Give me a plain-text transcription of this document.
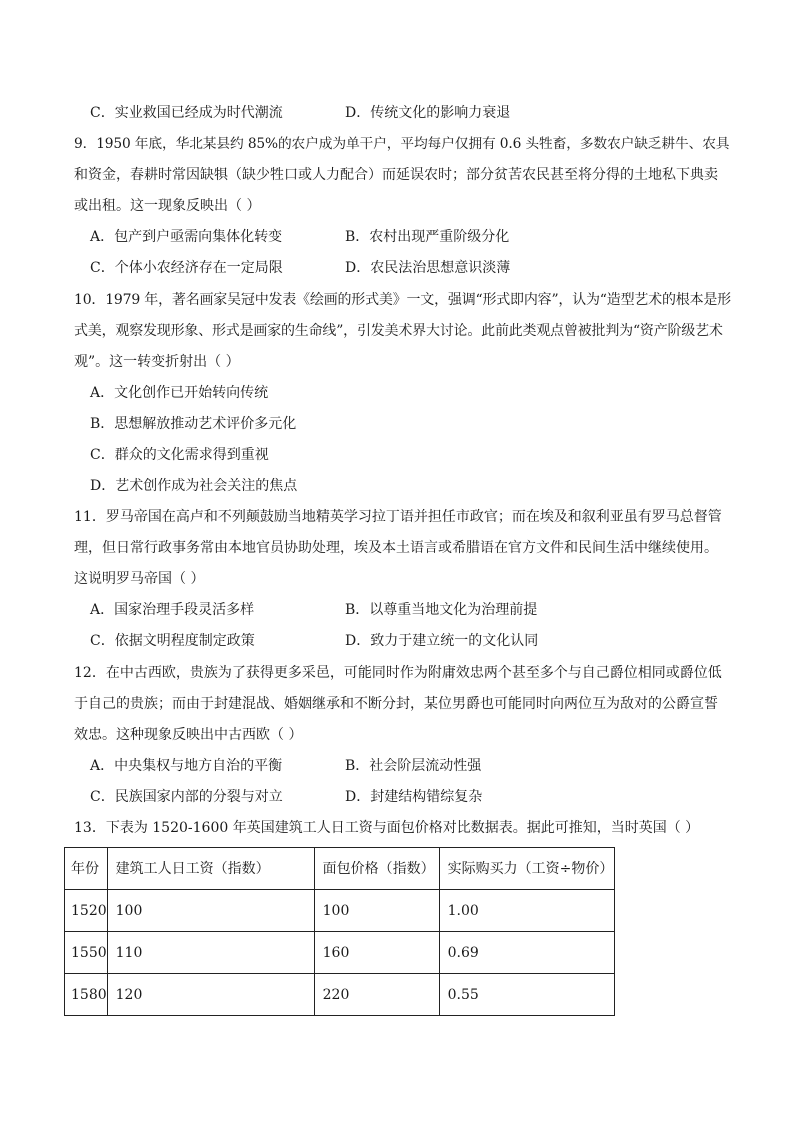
C．实业救国已经成为时代潮流	D．传统文化的影响力衰退
9．1950 年底，华北某县约 85%的农户成为单干户，平均每户仅拥有 0.6 头牲畜，多数农户缺乏耕牛、农具
和资金，春耕时常因缺犋（缺少牲口或人力配合）而延误农时；部分贫苦农民甚至将分得的土地私下典卖
或出租。这一现象反映出（ ）
A．包产到户亟需向集体化转变	B．农村出现严重阶级分化
C．个体小农经济存在一定局限	D．农民法治思想意识淡薄
10．1979 年，著名画家吴冠中发表《绘画的形式美》一文，强调“形式即内容”，认为“造型艺术的根本是形
式美，观察发现形象、形式是画家的生命线”，引发美术界大讨论。此前此类观点曾被批判为“资产阶级艺术
观”。这一转变折射出（ ）
A．文化创作已开始转向传统
B．思想解放推动艺术评价多元化
C．群众的文化需求得到重视
D．艺术创作成为社会关注的焦点
11．罗马帝国在高卢和不列颠鼓励当地精英学习拉丁语并担任市政官；而在埃及和叙利亚虽有罗马总督管
理，但日常行政事务常由本地官员协助处理，埃及本土语言或希腊语在官方文件和民间生活中继续使用。
这说明罗马帝国（ ）
A．国家治理手段灵活多样	B．以尊重当地文化为治理前提
C．依据文明程度制定政策	D．致力于建立统一的文化认同
12．在中古西欧，贵族为了获得更多采邑，可能同时作为附庸效忠两个甚至多个与自己爵位相同或爵位低
于自己的贵族；而由于封建混战、婚姻继承和不断分封，某位男爵也可能同时向两位互为敌对的公爵宣誓
效忠。这种现象反映出中古西欧（ ）
A．中央集权与地方自治的平衡	B．社会阶层流动性强
C．民族国家内部的分裂与对立	D．封建结构错综复杂
13．下表为 1520-1600 年英国建筑工人日工资与面包价格对比数据表。据此可推知，当时英国（ ）
年份	建筑工人日工资（指数）	面包价格（指数）	实际购买力（工资÷物价）
1520	100	100	1.00
1550	110	160	0.69
1580	120	220	0.55
